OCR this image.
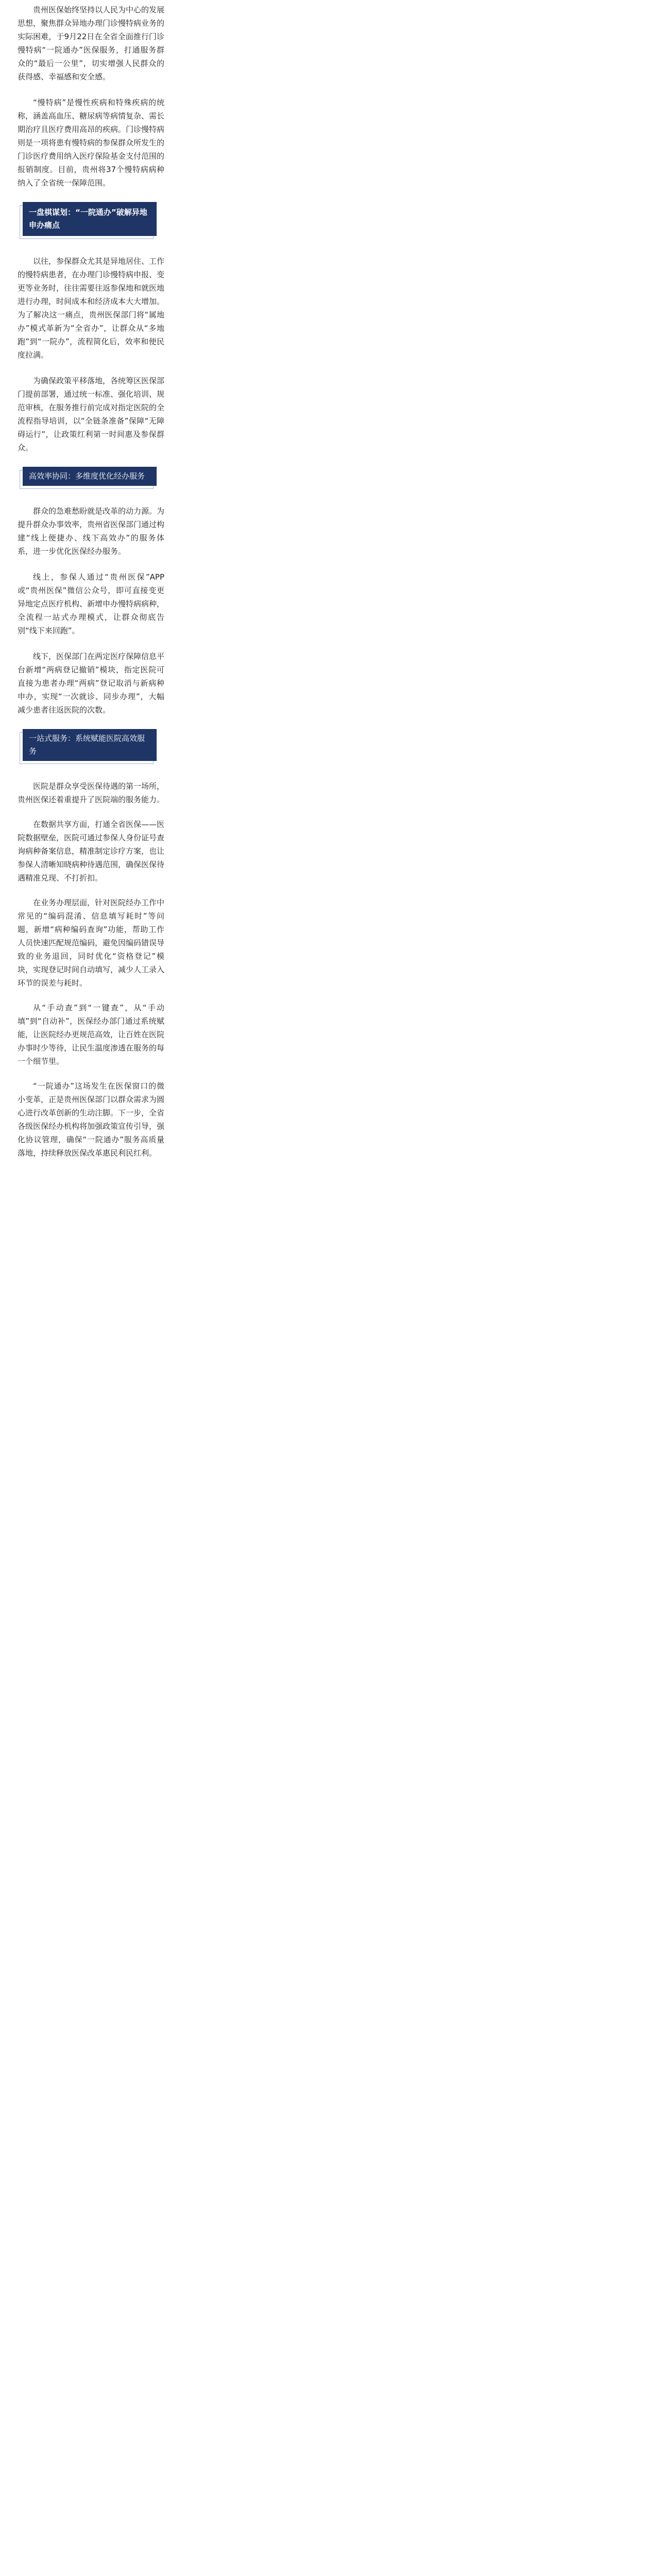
贵州医保始终坚持以人民为中心的发展思想，聚焦群众异地办理门诊慢特病业务的实际困难，于9月22日在全省全面推行门诊慢特病“一院通办”医保服务，打通服务群众的“最后一公里”，切实增强人民群众的获得感、幸福感和安全感。

“慢特病”是慢性疾病和特殊疾病的统称，涵盖高血压、糖尿病等病情复杂、需长期治疗且医疗费用高昂的疾病。门诊慢特病则是一项将患有慢特病的参保群众所发生的门诊医疗费用纳入医疗保险基金支付范围的报销制度。目前，贵州将37个慢特病病种纳入了全省统一保障范围。

一盘棋谋划：“一院通办”破解异地申办痛点

以往，参保群众尤其是异地居住、工作的慢特病患者，在办理门诊慢特病申报、变更等业务时，往往需要往返参保地和就医地进行办理，时间成本和经济成本大大增加。为了解决这一痛点，贵州医保部门将“属地办”模式革新为“全省办”，让群众从“多地跑”到“一院办”，流程简化后，效率和便民度拉满。

为确保政策平移落地，各统筹区医保部门提前部署，通过统一标准、强化培训、规范审核，在服务推行前完成对指定医院的全流程指导培训，以“全链条准备”保障“无障碍运行”，让政策红利第一时间惠及参保群众。

高效率协同：多维度优化经办服务

群众的急难愁盼就是改革的动力源。为提升群众办事效率，贵州省医保部门通过构建“线上便捷办、线下高效办”的服务体系，进一步优化医保经办服务。

线上，参保人通过“贵州医保”APP或“贵州医保”微信公众号，即可直接变更异地定点医疗机构、新增申办慢特病病种，全流程一站式办理模式，让群众彻底告别“线下来回跑”。

线下，医保部门在两定医疗保障信息平台新增“两病登记撤销”模块，指定医院可直接为患者办理“两病”登记取消与新病种申办，实现“一次就诊、同步办理”，大幅减少患者往返医院的次数。

一站式服务：系统赋能医院高效服务

医院是群众享受医保待遇的第一场所，贵州医保还着重提升了医院端的服务能力。

在数据共享方面，打通全省医保——医院数据壁垒，医院可通过参保人身份证号查询病种备案信息，精准制定诊疗方案，也让参保人清晰知晓病种待遇范围，确保医保待遇精准兑现、不打折扣。

在业务办理层面，针对医院经办工作中常见的“编码混淆、信息填写耗时”等问题，新增“病种编码查询”功能，帮助工作人员快速匹配规范编码，避免因编码错误导致的业务退回，同时优化“资格登记”模块，实现登记时间自动填写，减少人工录入环节的误差与耗时。

从“手动查”到“一键查”，从“手动填”到“自动补”，医保经办部门通过系统赋能，让医院经办更规范高效，让百姓在医院办事时少等待，让民生温度渗透在服务的每一个细节里。

“一院通办”这场发生在医保窗口的微小变革，正是贵州医保部门以群众需求为圆心进行改革创新的生动注脚。下一步，全省各级医保经办机构将加强政策宣传引导，强化协议管理，确保“一院通办”服务高质量落地，持续释放医保改革惠民利民红利。
